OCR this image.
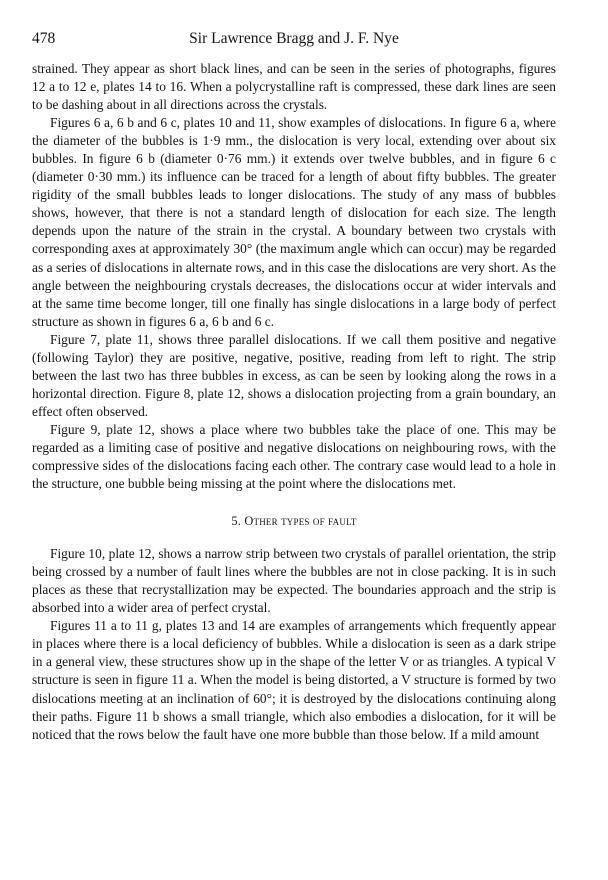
478	Sir Lawrence Bragg and J. F. Nye

strained. They appear as short black lines, and can be seen in the series of photographs, figures 12 a to 12 e, plates 14 to 16. When a polycrystalline raft is compressed, these dark lines are seen to be dashing about in all directions across the crystals.

Figures 6 a, 6 b and 6 c, plates 10 and 11, show examples of dislocations. In figure 6 a, where the diameter of the bubbles is 1·9 mm., the dislocation is very local, extending over about six bubbles. In figure 6 b (diameter 0·76 mm.) it extends over twelve bubbles, and in figure 6 c (diameter 0·30 mm.) its influence can be traced for a length of about fifty bubbles. The greater rigidity of the small bubbles leads to longer dislocations. The study of any mass of bubbles shows, however, that there is not a standard length of dislocation for each size. The length depends upon the nature of the strain in the crystal. A boundary between two crystals with corresponding axes at approximately 30° (the maximum angle which can occur) may be regarded as a series of dislocations in alternate rows, and in this case the dislocations are very short. As the angle between the neighbouring crystals decreases, the dislocations occur at wider intervals and at the same time become longer, till one finally has single dislocations in a large body of perfect structure as shown in figures 6 a, 6 b and 6 c.

Figure 7, plate 11, shows three parallel dislocations. If we call them positive and negative (following Taylor) they are positive, negative, positive, reading from left to right. The strip between the last two has three bubbles in excess, as can be seen by looking along the rows in a horizontal direction. Figure 8, plate 12, shows a dislocation projecting from a grain boundary, an effect often observed.

Figure 9, plate 12, shows a place where two bubbles take the place of one. This may be regarded as a limiting case of positive and negative dislocations on neighbouring rows, with the compressive sides of the dislocations facing each other. The contrary case would lead to a hole in the structure, one bubble being missing at the point where the dislocations met.

5. Other types of fault

Figure 10, plate 12, shows a narrow strip between two crystals of parallel orientation, the strip being crossed by a number of fault lines where the bubbles are not in close packing. It is in such places as these that recrystallization may be expected. The boundaries approach and the strip is absorbed into a wider area of perfect crystal.

Figures 11 a to 11 g, plates 13 and 14 are examples of arrangements which frequently appear in places where there is a local deficiency of bubbles. While a dislocation is seen as a dark stripe in a general view, these structures show up in the shape of the letter V or as triangles. A typical V structure is seen in figure 11 a. When the model is being distorted, a V structure is formed by two dislocations meeting at an inclination of 60°; it is destroyed by the dislocations continuing along their paths. Figure 11 b shows a small triangle, which also embodies a dislocation, for it will be noticed that the rows below the fault have one more bubble than those below. If a mild amount
